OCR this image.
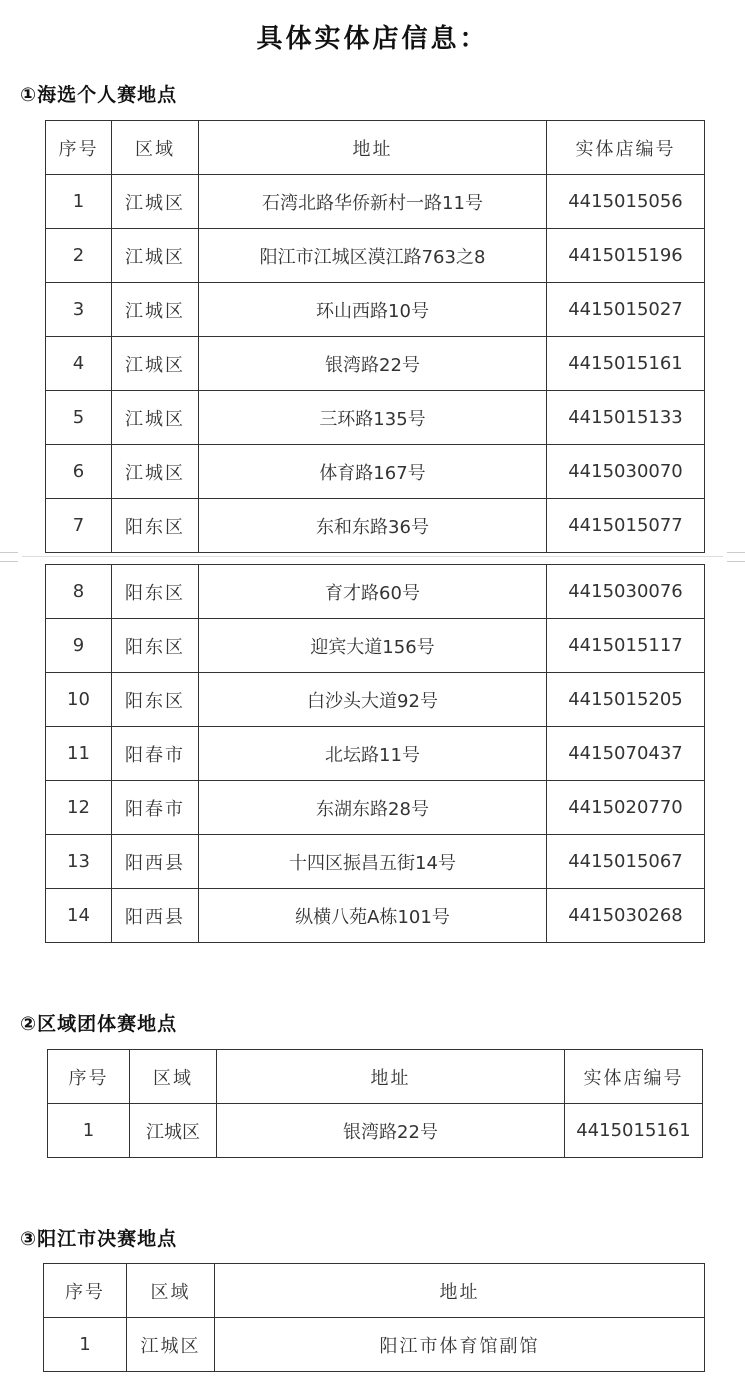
具体实体店信息：
①海选个人赛地点
序号	区域	地址	实体店编号
1	江城区	石湾北路华侨新村一路11号	4415015056
2	江城区	阳江市江城区漠江路763之8	4415015196
3	江城区	环山西路10号	4415015027
4	江城区	银湾路22号	4415015161
5	江城区	三环路135号	4415015133
6	江城区	体育路167号	4415030070
7	阳东区	东和东路36号	4415015077
8	阳东区	育才路60号	4415030076
9	阳东区	迎宾大道156号	4415015117
10	阳东区	白沙头大道92号	4415015205
11	阳春市	北坛路11号	4415070437
12	阳春市	东湖东路28号	4415020770
13	阳西县	十四区振昌五街14号	4415015067
14	阳西县	纵横八苑A栋101号	4415030268
②区域团体赛地点
序号	区域	地址	实体店编号
1	江城区	银湾路22号	4415015161
③阳江市决赛地点
序号	区域	地址
1	江城区	阳江市体育馆副馆
